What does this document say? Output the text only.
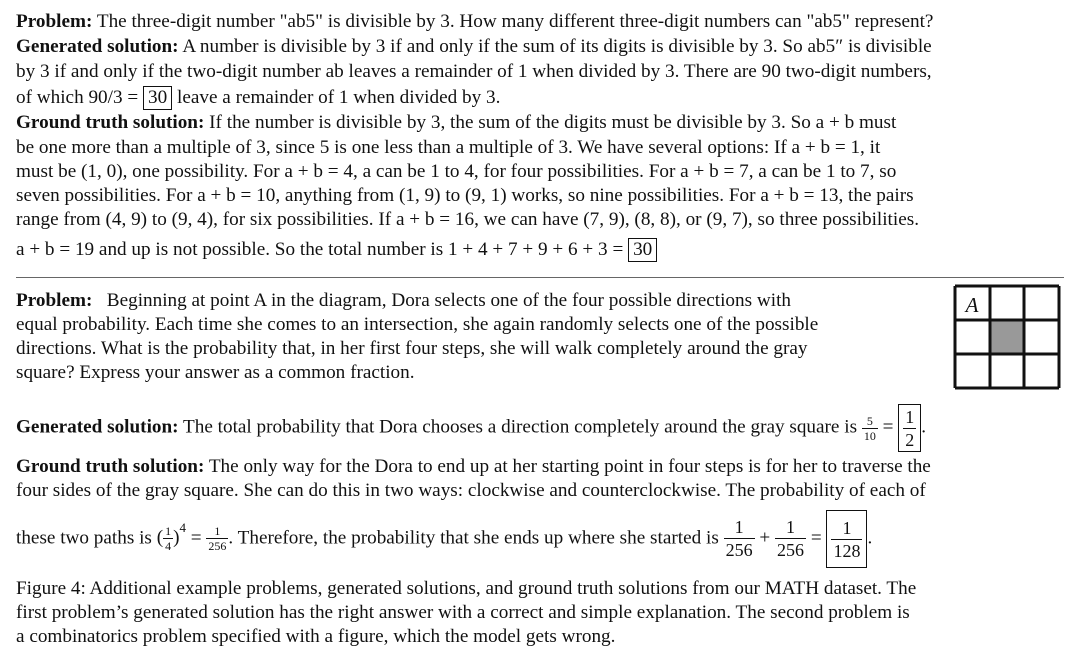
Problem: The three-digit number "ab5" is divisible by 3. How many different three-digit numbers can "ab5" represent?
Generated solution: A number is divisible by 3 if and only if the sum of its digits is divisible by 3. So ab5″ is divisible
by 3 if and only if the two-digit number ab leaves a remainder of 1 when divided by 3. There are 90 two-digit numbers,
of which 90/3 = 30 leave a remainder of 1 when divided by 3.
Ground truth solution: If the number is divisible by 3, the sum of the digits must be divisible by 3. So a + b must
be one more than a multiple of 3, since 5 is one less than a multiple of 3. We have several options: If a + b = 1, it
must be (1, 0), one possibility. For a + b = 4, a can be 1 to 4, for four possibilities. For a + b = 7, a can be 1 to 7, so
seven possibilities. For a + b = 10, anything from (1, 9) to (9, 1) works, so nine possibilities. For a + b = 13, the pairs
range from (4, 9) to (9, 4), for six possibilities. If a + b = 16, we can have (7, 9), (8, 8), or (9, 7), so three possibilities.
a + b = 19 and up is not possible. So the total number is 1 + 4 + 7 + 9 + 6 + 3 = 30
Problem: Beginning at point A in the diagram, Dora selects one of the four possible directions with
equal probability. Each time she comes to an intersection, she again randomly selects one of the possible
directions. What is the probability that, in her first four steps, she will walk completely around the gray
square? Express your answer as a common fraction.
A
Generated solution: The total probability that Dora chooses a direction completely around the gray square is $\frac{5}{10} = \frac{1}{2}$ .
Ground truth solution: The only way for the Dora to end up at her starting point in four steps is for her to traverse the
four sides of the gray square. She can do this in two ways: clockwise and counterclockwise. The probability of each of
these two paths is ( $\frac{1}{4} )^4 = \frac{1}{256}$ . Therefore, the probability that she ends up where she started is $\frac{1}{256} + \frac{1}{256} = \frac{1}{128}$ .
Figure 4: Additional example problems, generated solutions, and ground truth solutions from our MATH dataset. The
first problem’s generated solution has the right answer with a correct and simple explanation. The second problem is
a combinatorics problem specified with a figure, which the model gets wrong.
